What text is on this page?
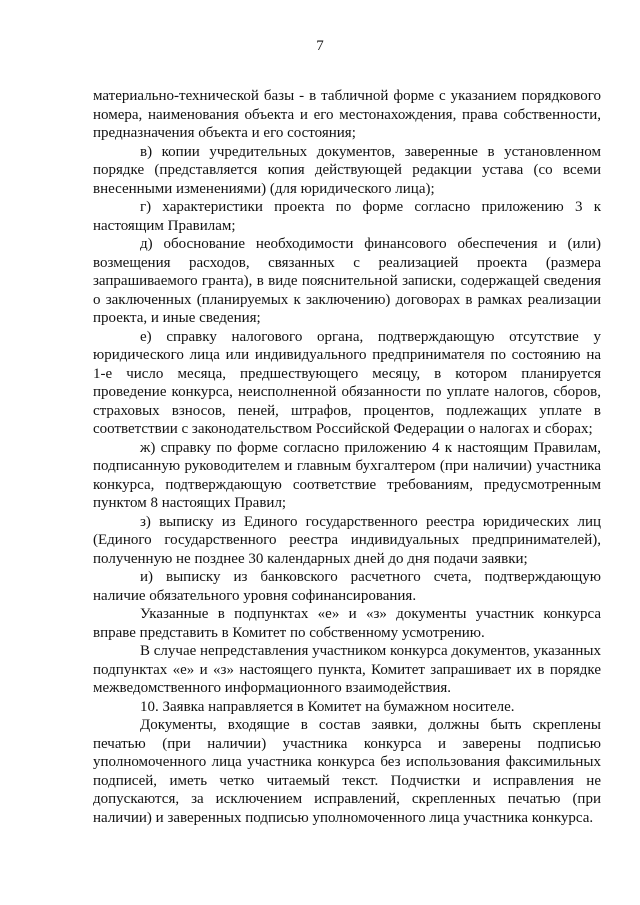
7

материально-технической базы - в табличной форме с указанием порядкового номера, наименования объекта и его местонахождения, права собственности, предназначения объекта и его состояния;

в) копии учредительных документов, заверенные в установленном порядке (представляется копия действующей редакции устава (со всеми внесенными изменениями) (для юридического лица);

г) характеристики проекта по форме согласно приложению 3 к настоящим Правилам;

д) обоснование необходимости финансового обеспечения и (или) возмещения расходов, связанных с реализацией проекта (размера запрашиваемого гранта), в виде пояснительной записки, содержащей сведения о заключенных (планируемых к заключению) договорах в рамках реализации проекта, и иные сведения;

е) справку налогового органа, подтверждающую отсутствие у юридического лица или индивидуального предпринимателя по состоянию на 1-е число месяца, предшествующего месяцу, в котором планируется проведение конкурса, неисполненной обязанности по уплате налогов, сборов, страховых взносов, пеней, штрафов, процентов, подлежащих уплате в соответствии с законодательством Российской Федерации о налогах и сборах;

ж) справку по форме согласно приложению 4 к настоящим Правилам, подписанную руководителем и главным бухгалтером (при наличии) участника конкурса, подтверждающую соответствие требованиям, предусмотренным пунктом 8 настоящих Правил;

з) выписку из Единого государственного реестра юридических лиц (Единого государственного реестра индивидуальных предпринимателей), полученную не позднее 30 календарных дней до дня подачи заявки;

и) выписку из банковского расчетного счета, подтверждающую наличие обязательного уровня софинансирования.

Указанные в подпунктах «е» и «з» документы участник конкурса вправе представить в Комитет по собственному усмотрению.

В случае непредставления участником конкурса документов, указанных подпунктах «е» и «з» настоящего пункта, Комитет запрашивает их в порядке межведомственного информационного взаимодействия.

10. Заявка направляется в Комитет на бумажном носителе.

Документы, входящие в состав заявки, должны быть скреплены печатью (при наличии) участника конкурса и заверены подписью уполномоченного лица участника конкурса без использования факсимильных подписей, иметь четко читаемый текст. Подчистки и исправления не допускаются, за исключением исправлений, скрепленных печатью (при наличии) и заверенных подписью уполномоченного лица участника конкурса.
